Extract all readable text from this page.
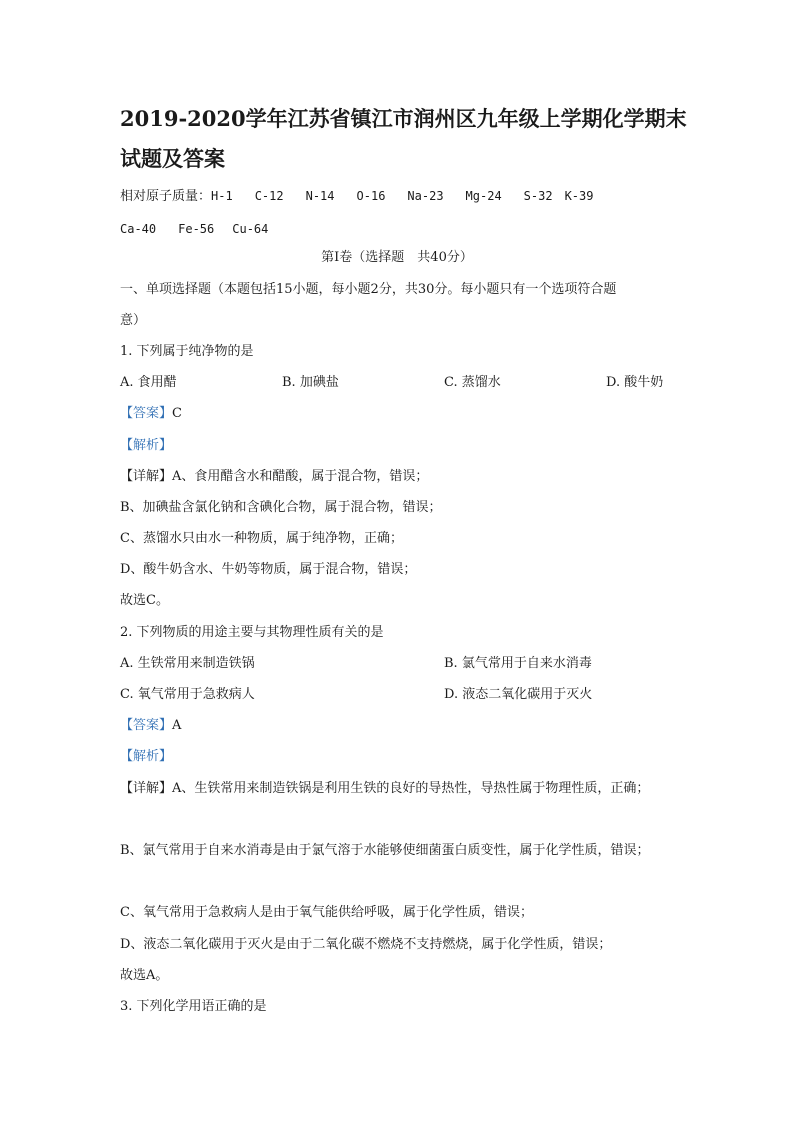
2019-2020学年江苏省镇江市润州区九年级上学期化学期末
试题及答案
相对原子质量：H-1 C-12 N-14 O-16 Na-23 Mg-24 S-32 K-39
Ca-40 Fe-56 Cu-64
第Ⅰ卷（选择题　共40分）
一、单项选择题（本题包括15小题，每小题2分，共30分。每小题只有一个选项符合题
意）
1. 下列属于纯净物的是
A. 食用醋	B. 加碘盐	C. 蒸馏水	D. 酸牛奶
【答案】C
【解析】
【详解】A、食用醋含水和醋酸，属于混合物，错误；
B、加碘盐含氯化钠和含碘化合物，属于混合物，错误；
C、蒸馏水只由水一种物质，属于纯净物，正确；
D、酸牛奶含水、牛奶等物质，属于混合物，错误；
故选C。
2. 下列物质的用途主要与其物理性质有关的是
A. 生铁常用来制造铁锅	B. 氯气常用于自来水消毒
C. 氧气常用于急救病人	D. 液态二氧化碳用于灭火
【答案】A
【解析】
【详解】A、生铁常用来制造铁锅是利用生铁的良好的导热性，导热性属于物理性质，正确；
B、氯气常用于自来水消毒是由于氯气溶于水能够使细菌蛋白质变性，属于化学性质，错误；
C、氧气常用于急救病人是由于氧气能供给呼吸，属于化学性质，错误；
D、液态二氧化碳用于灭火是由于二氧化碳不燃烧不支持燃烧，属于化学性质，错误；
故选A。
3. 下列化学用语正确的是
